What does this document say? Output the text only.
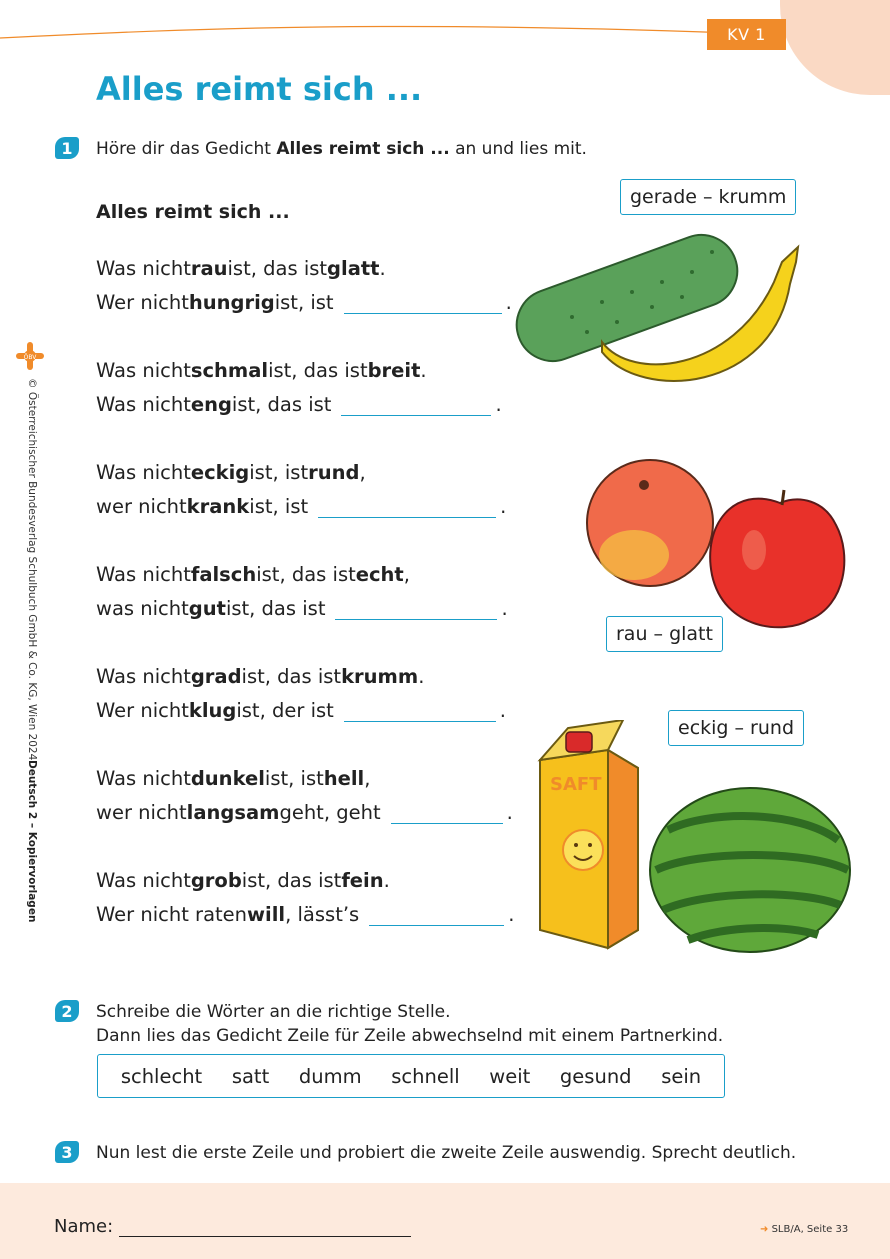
KV 1
Alles reimt sich ...
1	Höre dir das Gedicht Alles reimt sich ... an und lies mit.
Alles reimt sich ...
Was nicht rau ist, das ist glatt .
Wer nicht hungrig ist, ist	.
Was nicht schmal ist, das ist breit .
Was nicht eng ist, das ist	.
Was nicht eckig ist, ist rund ,
wer nicht krank ist, ist	.
Was nicht falsch ist, das ist echt ,
was nicht gut ist, das ist	.
Was nicht grad ist, das ist krumm .
Wer nicht klug ist, der ist	.
Was nicht dunkel ist, ist hell ,
wer nicht langsam geht, geht	.
Was nicht grob ist, das ist fein .
Wer nicht raten will , lässt’s	.
ÖBV
© Österreichischer Bundesverlag Schulbuch GmbH & Co. KG, Wien 2024
Deutsch 2 – Kopiervorlagen	SAFT
gerade – krumm
rau – glatt
eckig – rund
2	Schreibe die Wörter an die richtige Stelle.
Dann lies das Gedicht Zeile für Zeile abwechselnd mit einem Partnerkind.
schlecht satt dumm schnell weit gesund sein
3	Nun lest die erste Zeile und probiert die zweite Zeile auswendig. Sprecht deutlich.
Name:	➜ SLB/A, Seite 33
